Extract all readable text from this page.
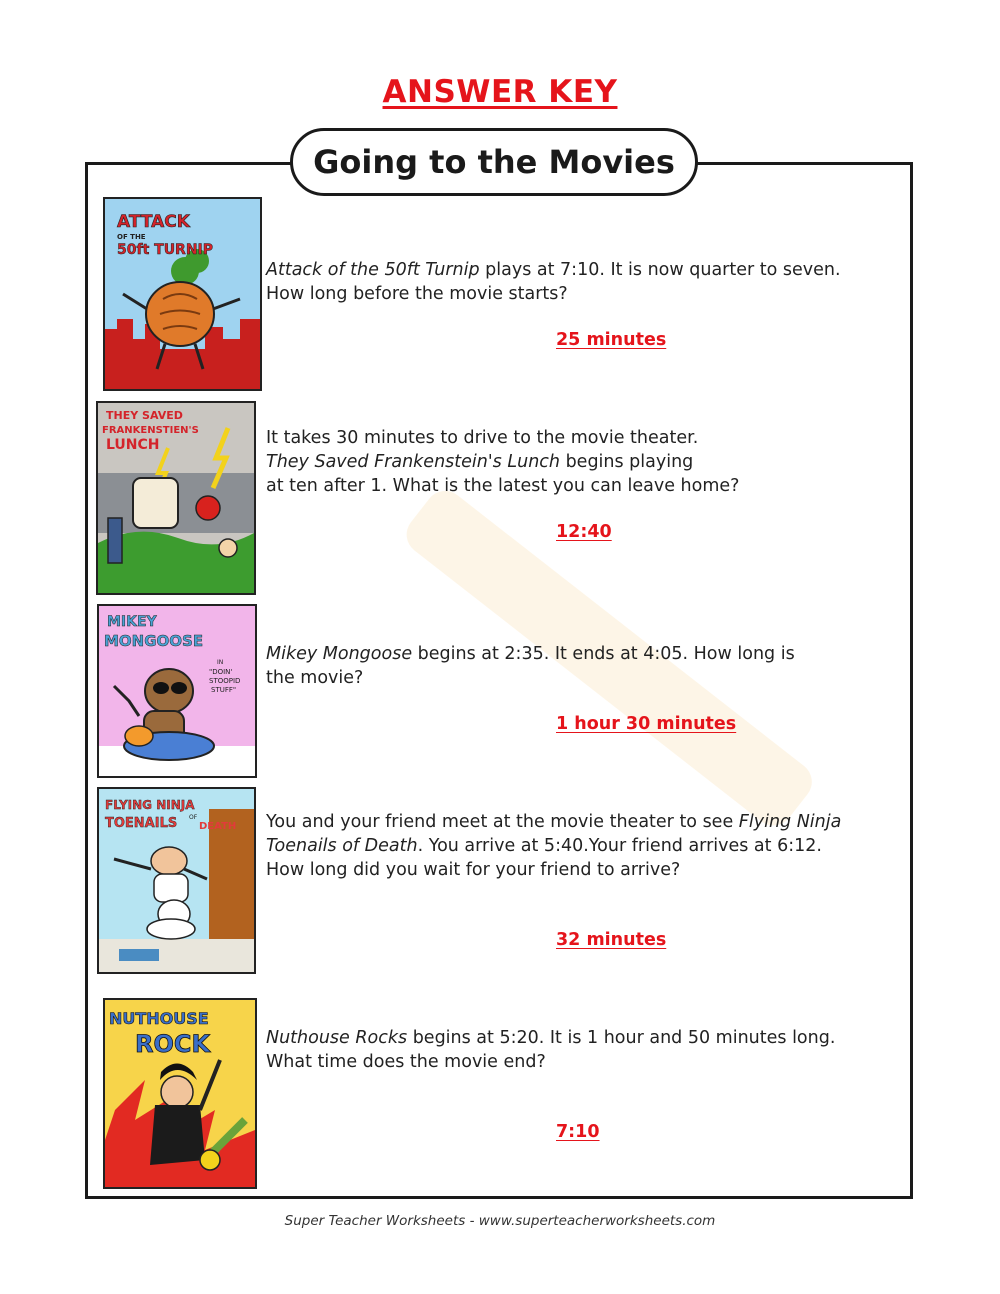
ANSWER KEY
Going to the Movies
ATTACK
OF THE
50ft TURNIP
THEY SAVED
FRANKENSTIEN'S
LUNCH
MIKEY
MONGOOSE
IN
"DOIN'
STOOPID
STUFF"
FLYING NINJA
TOENAILS OF
DEATH
NUTHOUSE
ROCK
Attack of the 50ft Turnip plays at 7:10. It is now quarter to seven.
How long before the movie starts?
25 minutes
It takes 30 minutes to drive to the movie theater.
They Saved Frankenstein's Lunch begins playing
at ten after 1. What is the latest you can leave home?
12:40
Mikey Mongoose begins at 2:35. It ends at 4:05. How long is
the movie?
1 hour 30 minutes
You and your friend meet at the movie theater to see Flying Ninja
Toenails of Death. You arrive at 5:40.Your friend arrives at 6:12.
How long did you wait for your friend to arrive?
32 minutes
Nuthouse Rocks begins at 5:20. It is 1 hour and 50 minutes long.
What time does the movie end?
7:10
Super Teacher Worksheets - www.superteacherworksheets.com
